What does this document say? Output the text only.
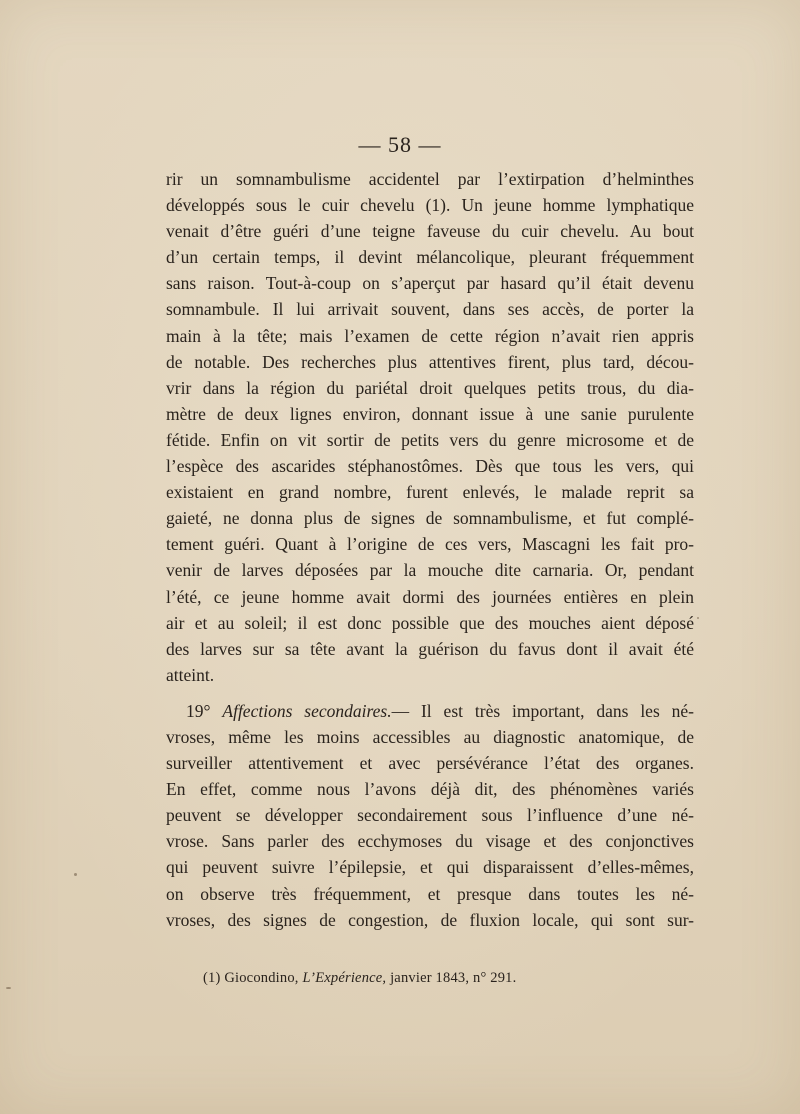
— 58 —
rir un somnambulisme accidentel par l’extirpation d’helminthes
développés sous le cuir chevelu (1). Un jeune homme lymphatique
venait d’être guéri d’une teigne faveuse du cuir chevelu. Au bout
d’un certain temps, il devint mélancolique, pleurant fréquemment
sans raison. Tout-à-coup on s’aperçut par hasard qu’il était devenu
somnambule. Il lui arrivait souvent, dans ses accès, de porter la
main à la tête; mais l’examen de cette région n’avait rien appris
de notable. Des recherches plus attentives firent, plus tard, décou-
vrir dans la région du pariétal droit quelques petits trous, du dia-
mètre de deux lignes environ, donnant issue à une sanie purulente
fétide. Enfin on vit sortir de petits vers du genre microsome et de
l’espèce des ascarides stéphanostômes. Dès que tous les vers, qui
existaient en grand nombre, furent enlevés, le malade reprit sa
gaieté, ne donna plus de signes de somnambulisme, et fut complé-
tement guéri. Quant à l’origine de ces vers, Mascagni les fait pro-
venir de larves déposées par la mouche dite carnaria. Or, pendant
l’été, ce jeune homme avait dormi des journées entières en plein
air et au soleil; il est donc possible que des mouches aient déposé
des larves sur sa tête avant la guérison du favus dont il avait été
atteint.
19° Affections secondaires.— Il est très important, dans les né-
vroses, même les moins accessibles au diagnostic anatomique, de
surveiller attentivement et avec persévérance l’état des organes.
En effet, comme nous l’avons déjà dit, des phénomènes variés
peuvent se développer secondairement sous l’influence d’une né-
vrose. Sans parler des ecchymoses du visage et des conjonctives
qui peuvent suivre l’épilepsie, et qui disparaissent d’elles-mêmes,
on observe très fréquemment, et presque dans toutes les né-
vroses, des signes de congestion, de fluxion locale, qui sont sur-
(1) Giocondino, L’Expérience, janvier 1843, n° 291.
